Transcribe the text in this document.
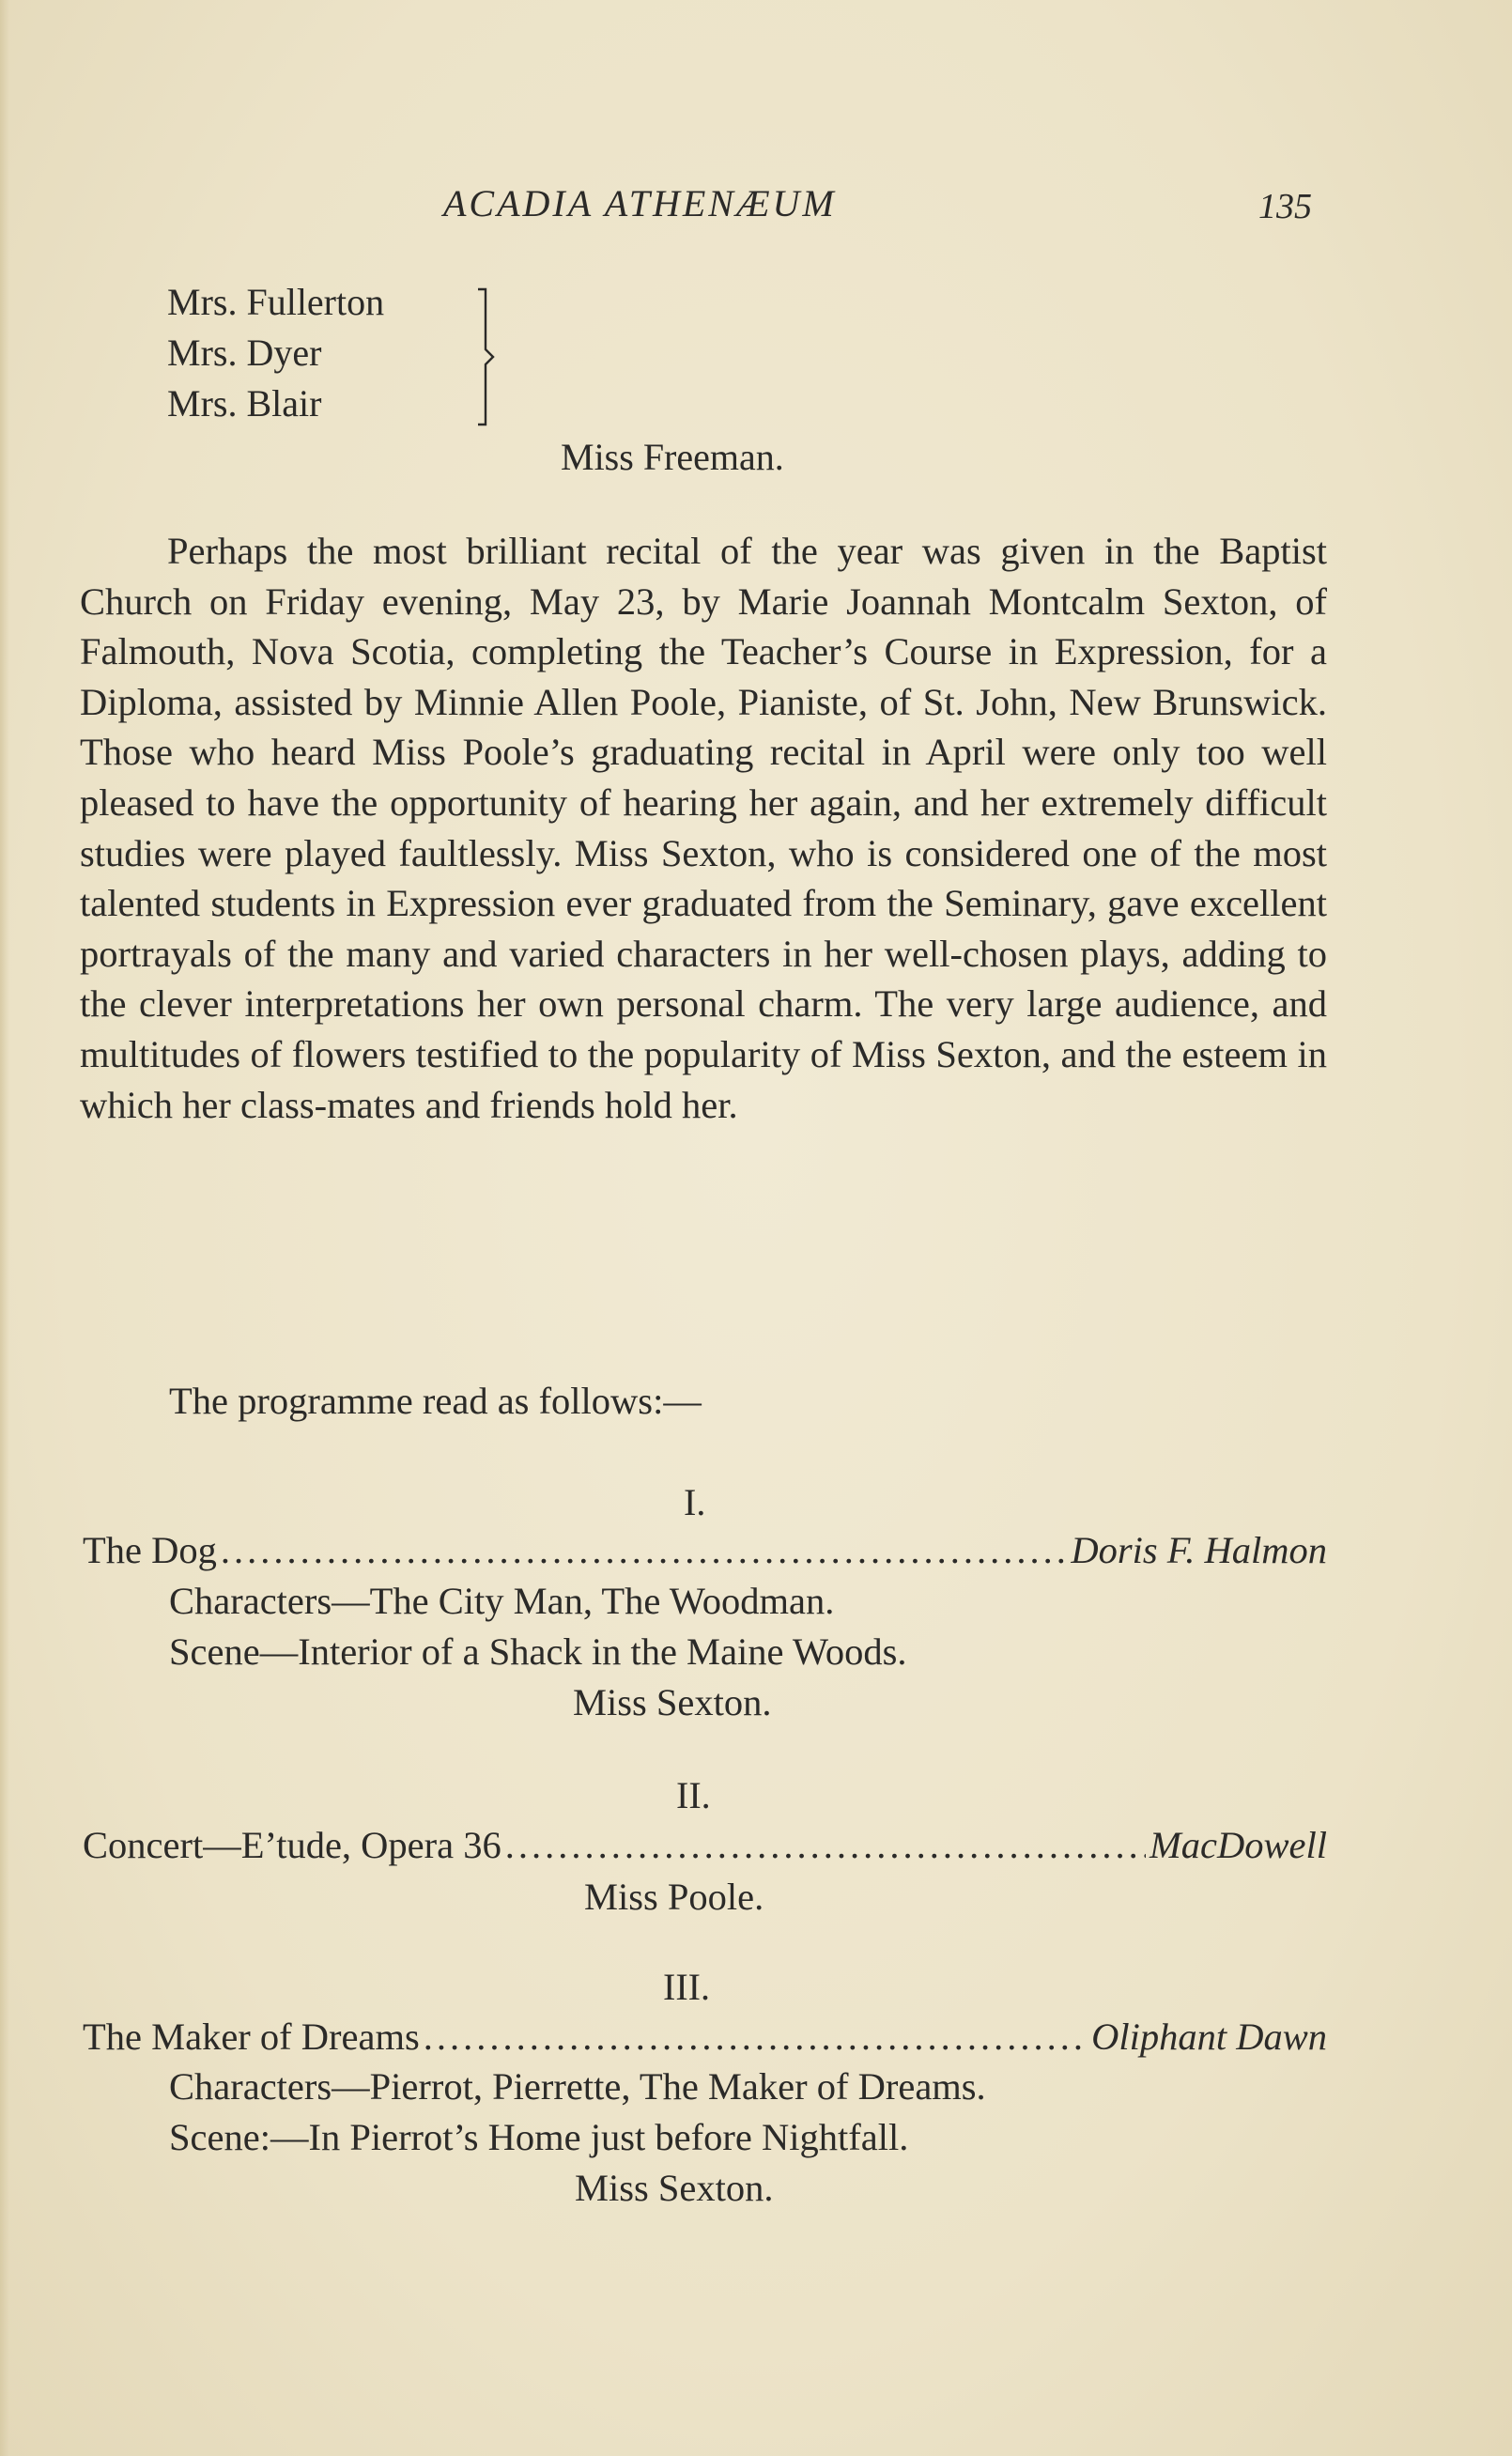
ACADIA ATHENÆUM	135
Mrs. Fullerton
Mrs. Dyer
Mrs. Blair
Miss Freeman.

Perhaps the most brilliant recital of the year was given in the Baptist Church on Friday evening, May 23, by Marie Joannah Montcalm Sexton, of Falmouth, Nova Scotia, completing the Teacher’s Course in Expression, for a Diploma, assisted by Minnie Allen Poole, Pianiste, of St. John, New Brunswick. Those who heard Miss Poole’s graduating recital in April were only too well pleased to have the opportunity of hearing her again, and her extremely difficult studies were played faultlessly. Miss Sexton, who is considered one of the most talented students in Expression ever graduated from the Seminary, gave excellent portrayals of the many and varied characters in her well-chosen plays, adding to the clever interpretations her own personal charm. The very large audience, and multitudes of flowers testified to the popularity of Miss Sexton, and the esteem in which her class-mates and friends hold her.

The programme read as follows:—
I.
The Dog .....	Doris F. Halmon
Characters—The City Man, The Woodman.
Scene—Interior of a Shack in the Maine Woods.
Miss Sexton.
II.
Concert—E’tude, Opera 36 .....	MacDowell
Miss Poole.
III.
The Maker of Dreams .....	Oliphant Dawn
Characters—Pierrot, Pierrette, The Maker of Dreams.
Scene:—In Pierrot’s Home just before Nightfall.
Miss Sexton.
